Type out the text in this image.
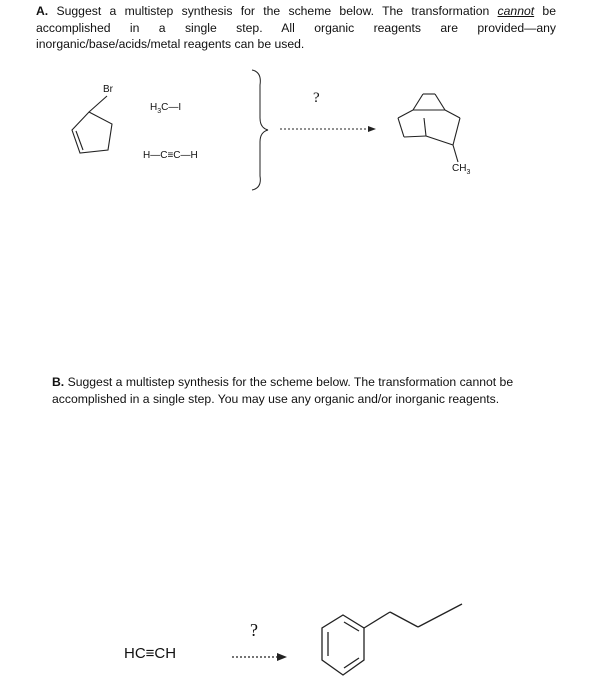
A. Suggest a multistep synthesis for the scheme below. The transformation cannot be accomplished in a single step. All organic reagents are provided—any inorganic/base/acids/metal reagents can be used.
Br
$H_3C—I$
H—C≡C—H
?
$CH_3$
B. Suggest a multistep synthesis for the scheme below. The transformation cannot be accomplished in a single step. You may use any organic and/or inorganic reagents.
HC≡CH
?
